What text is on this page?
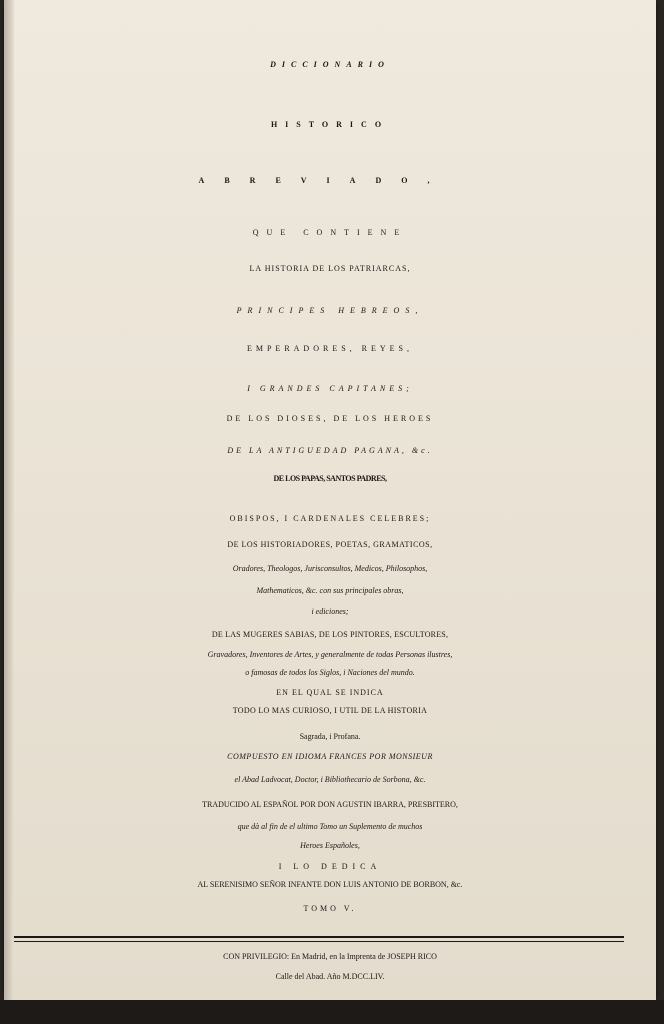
DICCIONARIO
HISTORICO
ABREVIADO,
QUE CONTIENE
LA HISTORIA DE LOS PATRIARCAS,
PRINCIPES HEBREOS,
EMPERADORES, REYES,
I GRANDES CAPITANES;
DE LOS DIOSES, DE LOS HEROES
DE LA ANTIGUEDAD PAGANA, &c.
DE LOS PAPAS, SANTOS PADRES,
OBISPOS, I CARDENALES CELEBRES;
DE LOS HISTORIADORES, POETAS, GRAMATICOS,
Oradores, Theologos, Jurisconsultos, Medicos, Philosophos,
Mathematicos, &c. con sus principales obras,
i ediciones;
DE LAS MUGERES SABIAS, DE LOS PINTORES, ESCULTORES,
Gravadores, Inventores de Artes, y generalmente de todas Personas ilustres,
o famosas de todos los Siglos, i Naciones del mundo.
EN EL QUAL SE INDICA
TODO LO MAS CURIOSO, I UTIL DE LA HISTORIA
Sagrada, i Profana.
COMPUESTO EN IDIOMA FRANCES POR MONSIEUR
el Abad Ladvocat, Doctor, i Bibliothecario de Sorbona, &c.
TRADUCIDO AL ESPAÑOL POR DON AGUSTIN IBARRA, PRESBITERO,
que dà al fin de el ultimo Tomo un Suplemento de muchos
Heroes Españoles,
I LO DEDICA
AL SERENISIMO SEÑOR INFANTE DON LUIS ANTONIO DE BORBON, &c.
TOMO V.
CON PRIVILEGIO: En Madrid, en la Imprenta de JOSEPH RICO
Calle del Abad. Año M.DCC.LIV.
